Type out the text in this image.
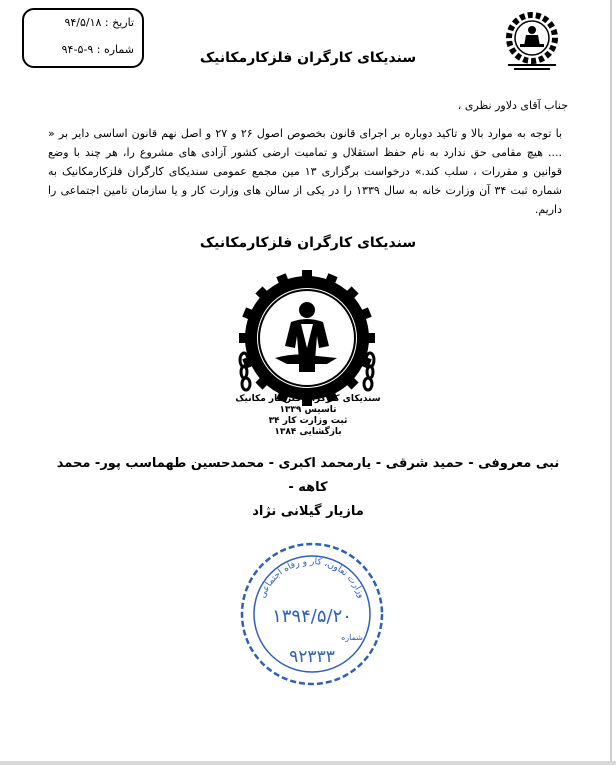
تاریخ : ۹۴/۵/۱۸
شماره : ۹-۵-۹۴
سندیکای کارگران فلزکارمکانیک
جناب آقای دلاور نظری ،

با توجه به موارد بالا و تاکید دوباره بر اجرای قانون بخصوص اصول ۲۶ و ۲۷ و اصل نهم قانون اساسی دایر بر « .... هیچ مقامی حق ندارد به نام حفظ استقلال و تمامیت ارضی کشور آزادی های مشروع را، هر چند با وضع قوانین و مقررات ، سلب کند.» درخواست برگزاری ۱۳ مین مجمع عمومی سندیکای کارگران فلزکارمکانیک به شماره ثبت ۳۴ آن وزارت خانه به سال ۱۳۳۹ را در یکی از سالن های وزارت کار و یا سازمان تامین اجتماعی را داریم.

سندیکای کارگران فلزکارمکانیک
سندیکای کارگران فلز کار مکانیک
تاسیس ۱۳۳۹
ثبت وزارت کار ۳۴
بازگشایی ۱۳۸۴
نبی معروفی - حمید شرقی - یارمحمد اکبری - محمدحسین طهماسب پور- محمد کاهه -
مازیار گیلانی نژاد
وزارت تعاون، کار و رفاه اجتماعی
۱۳۹۴/۵/۲۰
شماره
۹۲۳۳۳
